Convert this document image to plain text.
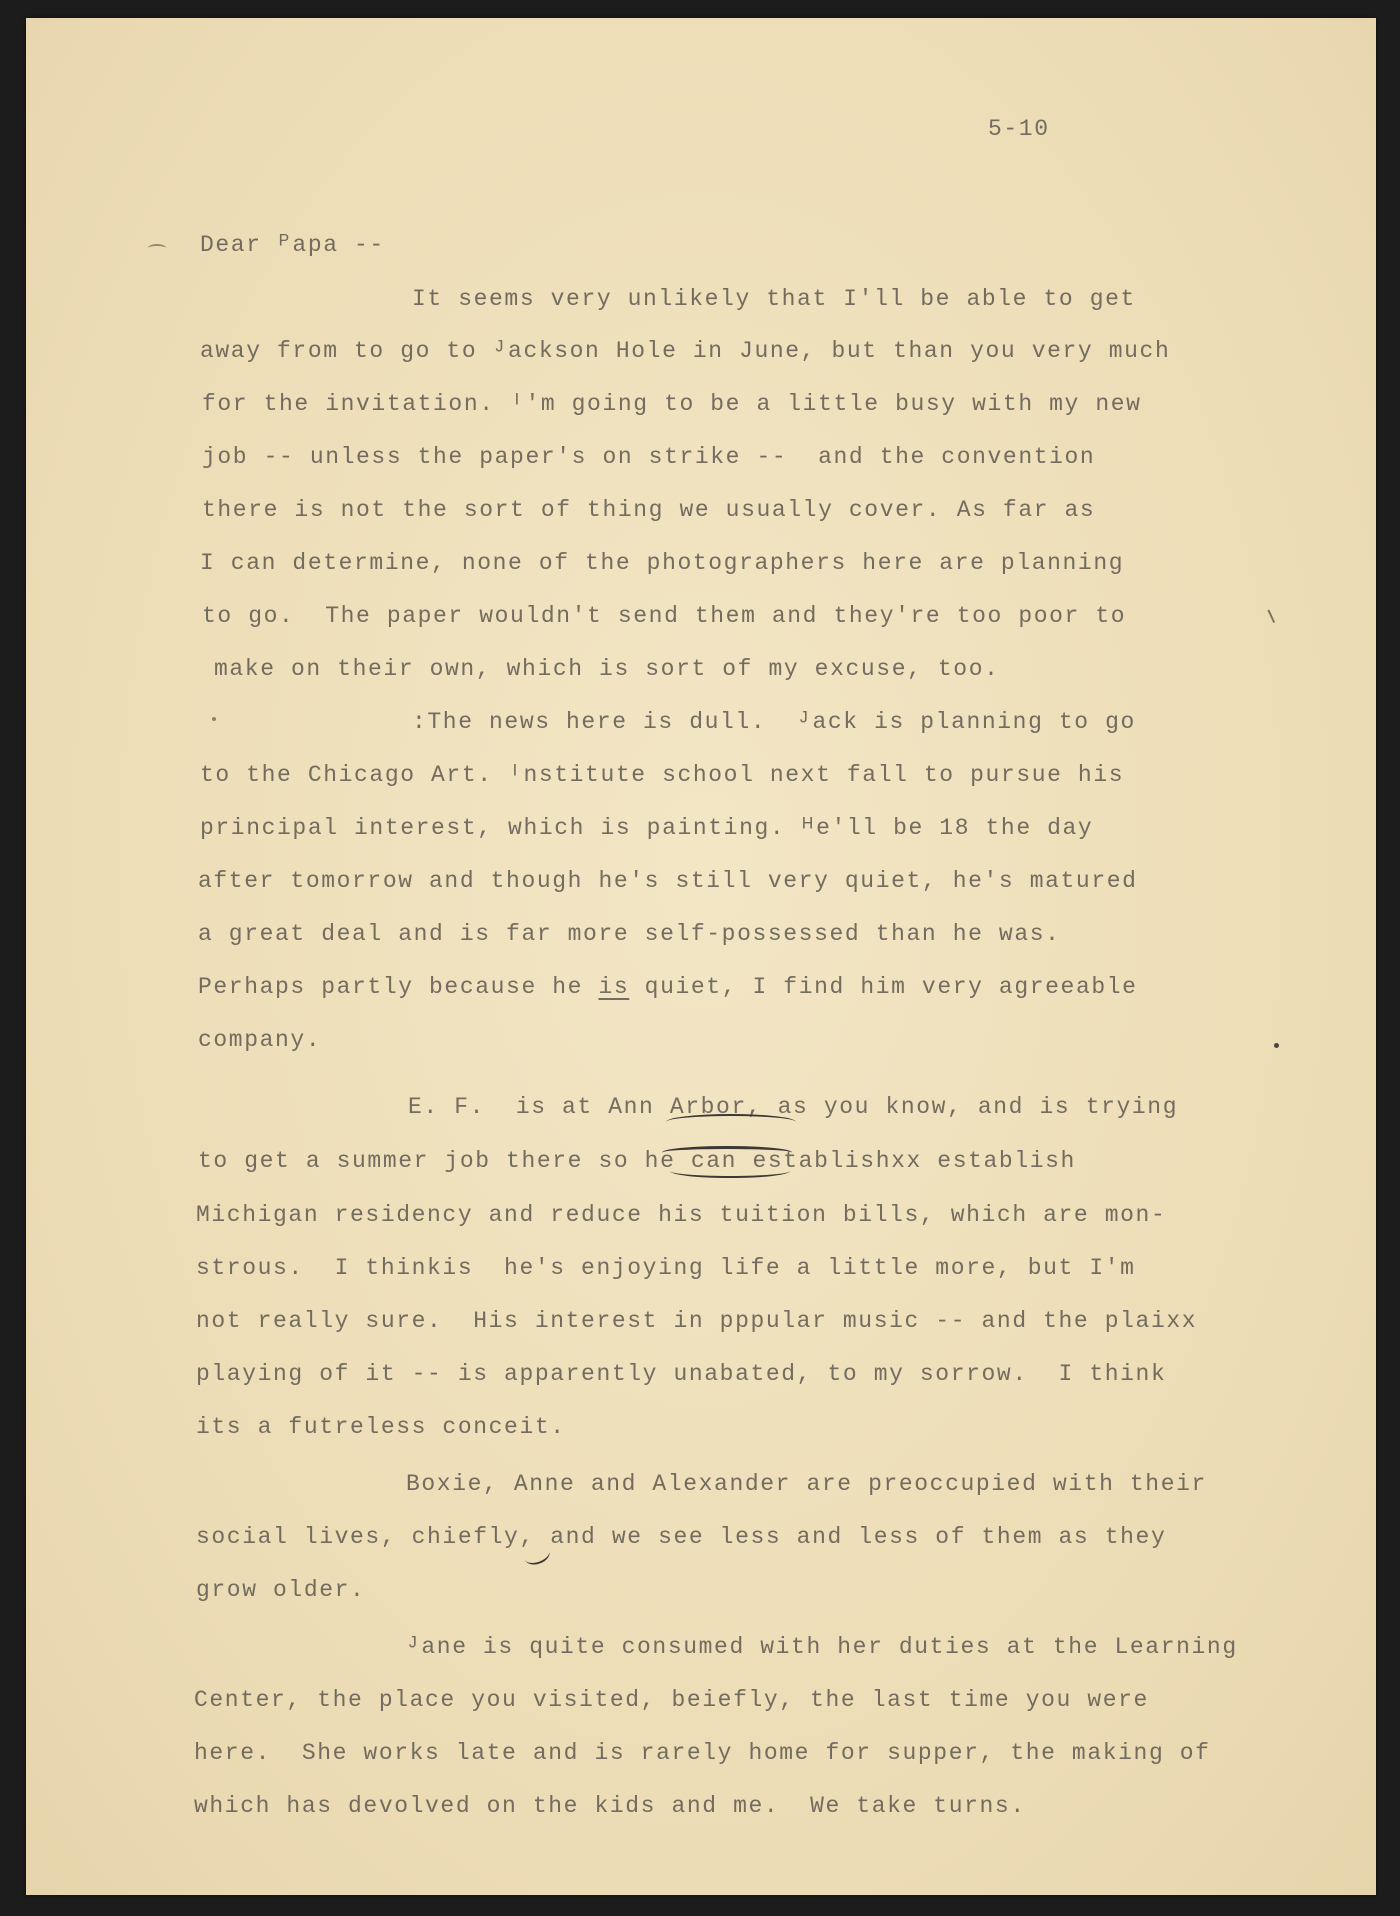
5-10
Dear ᴾapa --
It seems very unlikely that I'll be able to get
away from to go to ᴶackson Hole in June, but than you very much
for the invitation. ᴵ'm going to be a little busy with my new
job -- unless the paper's on strike --  and the convention
there is not the sort of thing we usually cover. As far as
I can determine, none of the photographers here are planning
to go.  The paper wouldn't send them and they're too poor to
make on their own, which is sort of my excuse, too.
:The news here is dull.  ᴶack is planning to go
to the Chicago Art. ᴵnstitute school next fall to pursue his
principal interest, which is painting. ᴴe'll be 18 the day
after tomorrow and though he's still very quiet, he's matured
a great deal and is far more self-possessed than he was.
Perhaps partly because he is quiet, I find him very agreeable
company.
E. F.  is at Ann Arbor, as you know, and is trying
to get a summer job there so he can establishxx establish
Michigan residency and reduce his tuition bills, which are mon-
strous.  I thinkis  he's enjoying life a little more, but I'm
not really sure.  His interest in pppular music -- and the plaixx
playing of it -- is apparently unabated, to my sorrow.  I think
its a futreless conceit.
Boxie, Anne and Alexander are preoccupied with their
social lives, chiefly, and we see less and less of them as they
grow older.
ᴶane is quite consumed with her duties at the Learning
Center, the place you visited, beiefly, the last time you were
here.  She works late and is rarely home for supper, the making of
which has devolved on the kids and me.  We take turns.
